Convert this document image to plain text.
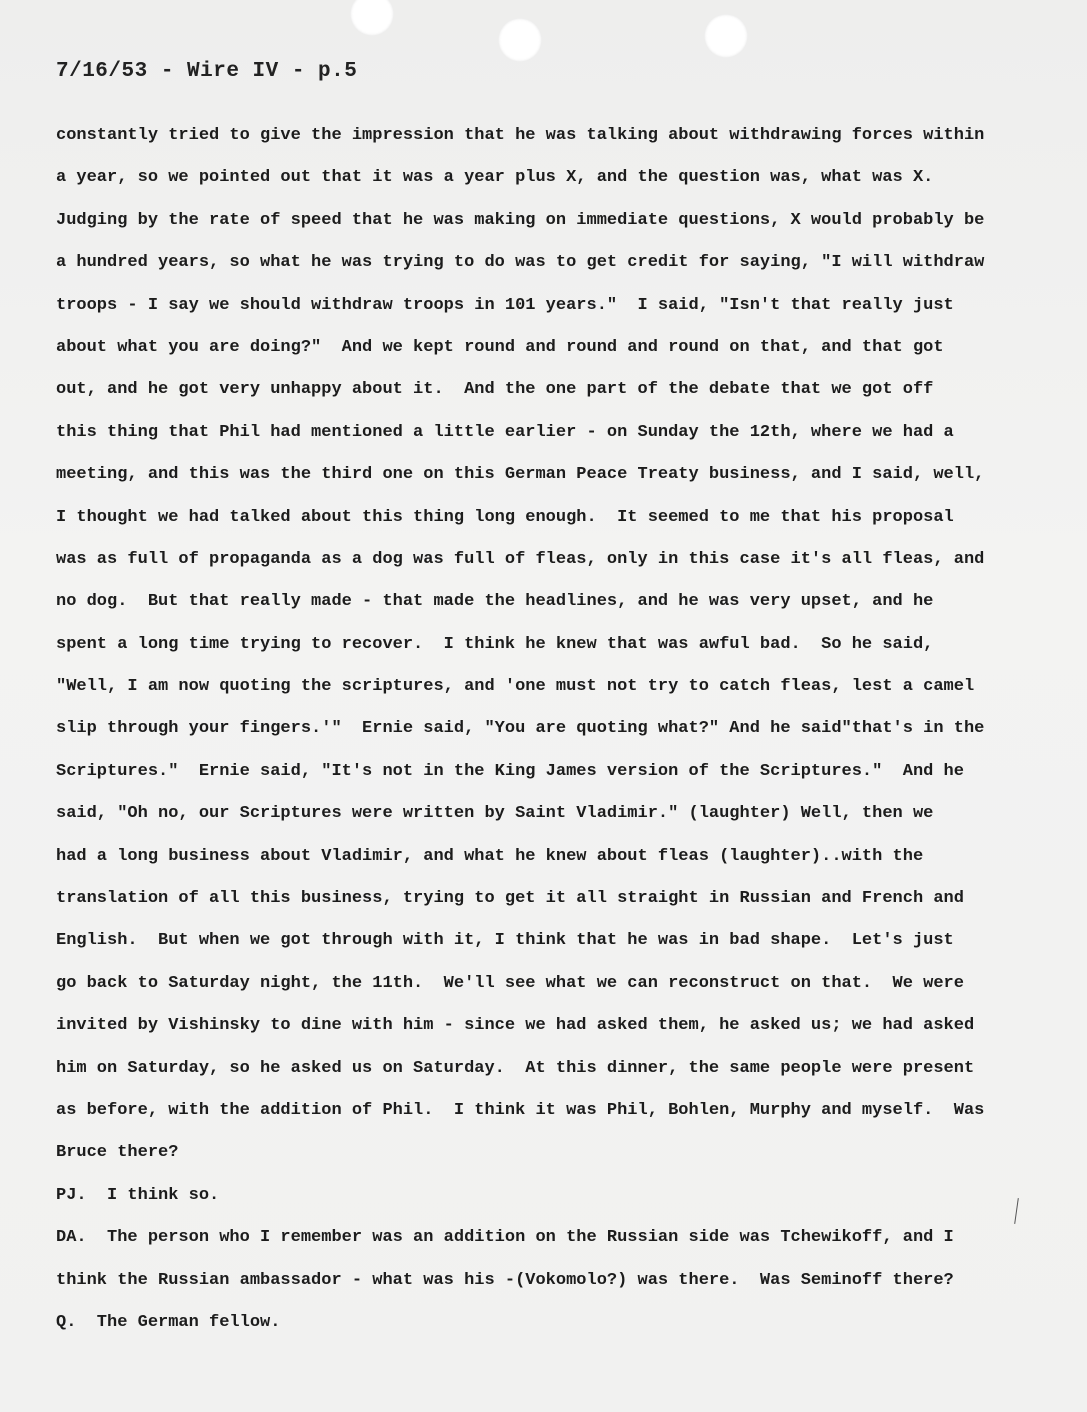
7/16/53 - Wire IV - p.5
constantly tried to give the impression that he was talking about withdrawing forces within
a year, so we pointed out that it was a year plus X, and the question was, what was X.
Judging by the rate of speed that he was making on immediate questions, X would probably be
a hundred years, so what he was trying to do was to get credit for saying, "I will withdraw
troops - I say we should withdraw troops in 101 years."  I said, "Isn't that really just
about what you are doing?"  And we kept round and round and round on that, and that got
out, and he got very unhappy about it.  And the one part of the debate that we got off
this thing that Phil had mentioned a little earlier - on Sunday the 12th, where we had a
meeting, and this was the third one on this German Peace Treaty business, and I said, well,
I thought we had talked about this thing long enough.  It seemed to me that his proposal
was as full of propaganda as a dog was full of fleas, only in this case it's all fleas, and
no dog.  But that really made - that made the headlines, and he was very upset, and he
spent a long time trying to recover.  I think he knew that was awful bad.  So he said,
"Well, I am now quoting the scriptures, and 'one must not try to catch fleas, lest a camel
slip through your fingers.'"  Ernie said, "You are quoting what?" And he said"that's in the
Scriptures."  Ernie said, "It's not in the King James version of the Scriptures."  And he
said, "Oh no, our Scriptures were written by Saint Vladimir." (laughter) Well, then we
had a long business about Vladimir, and what he knew about fleas (laughter)..with the
translation of all this business, trying to get it all straight in Russian and French and
English.  But when we got through with it, I think that he was in bad shape.  Let's just
go back to Saturday night, the 11th.  We'll see what we can reconstruct on that.  We were
invited by Vishinsky to dine with him - since we had asked them, he asked us; we had asked
him on Saturday, so he asked us on Saturday.  At this dinner, the same people were present
as before, with the addition of Phil.  I think it was Phil, Bohlen, Murphy and myself.  Was
Bruce there?
PJ.  I think so.
DA.  The person who I remember was an addition on the Russian side was Tchewikoff, and I
think the Russian ambassador - what was his -(Vokomolo?) was there.  Was Seminoff there?
Q.  The German fellow.
